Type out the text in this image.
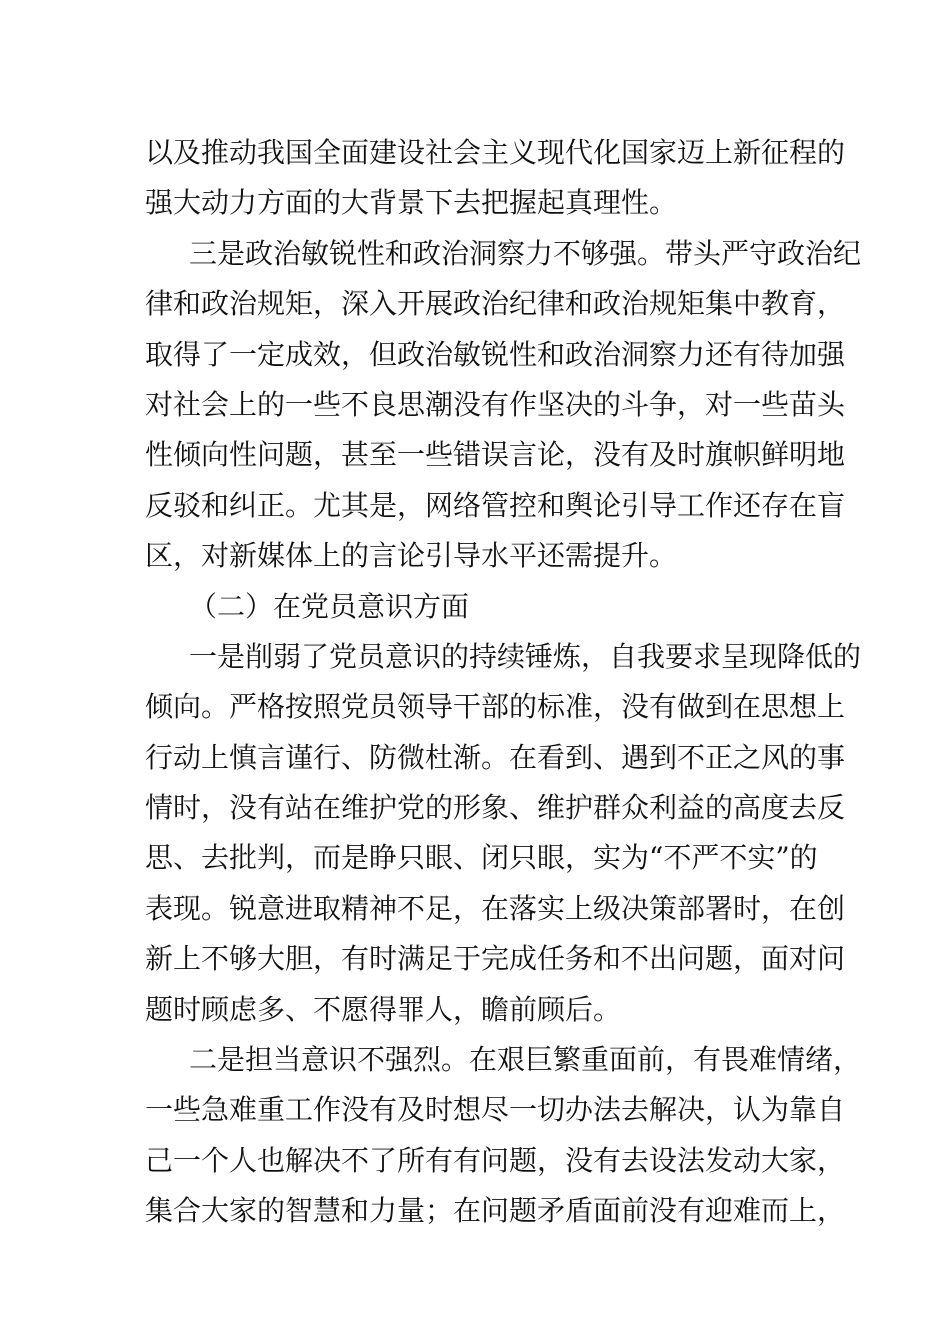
以及推动我国全面建设社会主义现代化国家迈上新征程的
强大动力方面的大背景下去把握起真理性。
三是政治敏锐性和政治洞察力不够强。带头严守政治纪
律和政治规矩，深入开展政治纪律和政治规矩集中教育，
取得了一定成效，但政治敏锐性和政治洞察力还有待加强
对社会上的一些不良思潮没有作坚决的斗争，对一些苗头
性倾向性问题，甚至一些错误言论，没有及时旗帜鲜明地
反驳和纠正。尤其是，网络管控和舆论引导工作还存在盲
区，对新媒体上的言论引导水平还需提升。
（二）在党员意识方面
一是削弱了党员意识的持续锤炼，自我要求呈现降低的
倾向。严格按照党员领导干部的标准，没有做到在思想上
行动上慎言谨行、防微杜渐。在看到、遇到不正之风的事
情时，没有站在维护党的形象、维护群众利益的高度去反
思、去批判，而是睁只眼、闭只眼，实为“不严不实”的
表现。锐意进取精神不足，在落实上级决策部署时，在创
新上不够大胆，有时满足于完成任务和不出问题，面对问
题时顾虑多、不愿得罪人，瞻前顾后。
二是担当意识不强烈。在艰巨繁重面前，有畏难情绪，
一些急难重工作没有及时想尽一切办法去解决，认为靠自
己一个人也解决不了所有有问题，没有去设法发动大家，
集合大家的智慧和力量；在问题矛盾面前没有迎难而上，
